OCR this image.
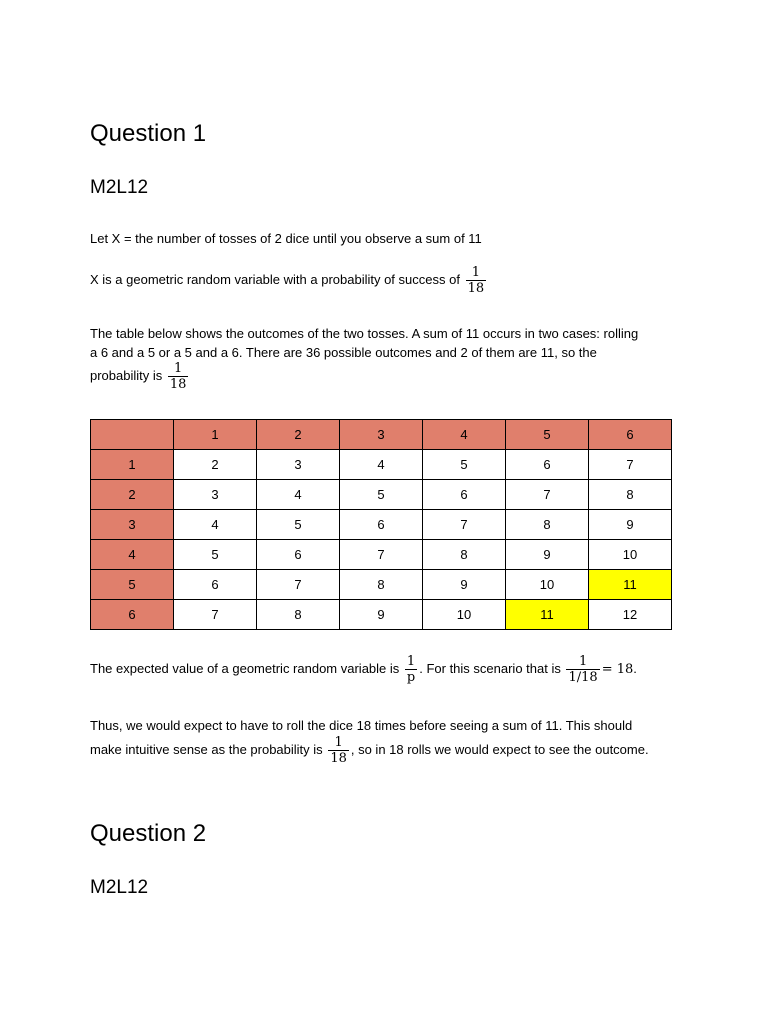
Question 1
M2L12
Let X = the number of tosses of 2 dice until you observe a sum of 11
X is a geometric random variable with a probability of success of $\frac{1}{18}$
The table below shows the outcomes of the two tosses. A sum of 11 occurs in two cases: rolling
a 6 and a 5 or a 5 and a 6. There are 36 possible outcomes and 2 of them are 11, so the
probability is $\frac{1}{18}$
	1	2	3	4	5	6
1	2	3	4	5	6	7
2	3	4	5	6	7	8
3	4	5	6	7	8	9
4	5	6	7	8	9	10
5	6	7	8	9	10	11
6	7	8	9	10	11	12
The expected value of a geometric random variable is $\frac{1}{p}$ . For this scenario that is $\frac{1}{1/18} = 18$.
Thus, we would expect to have to roll the dice 18 times before seeing a sum of 11. This should
make intuitive sense as the probability is $\frac{1}{18}$ , so in 18 rolls we would expect to see the outcome.
Question 2
M2L12
